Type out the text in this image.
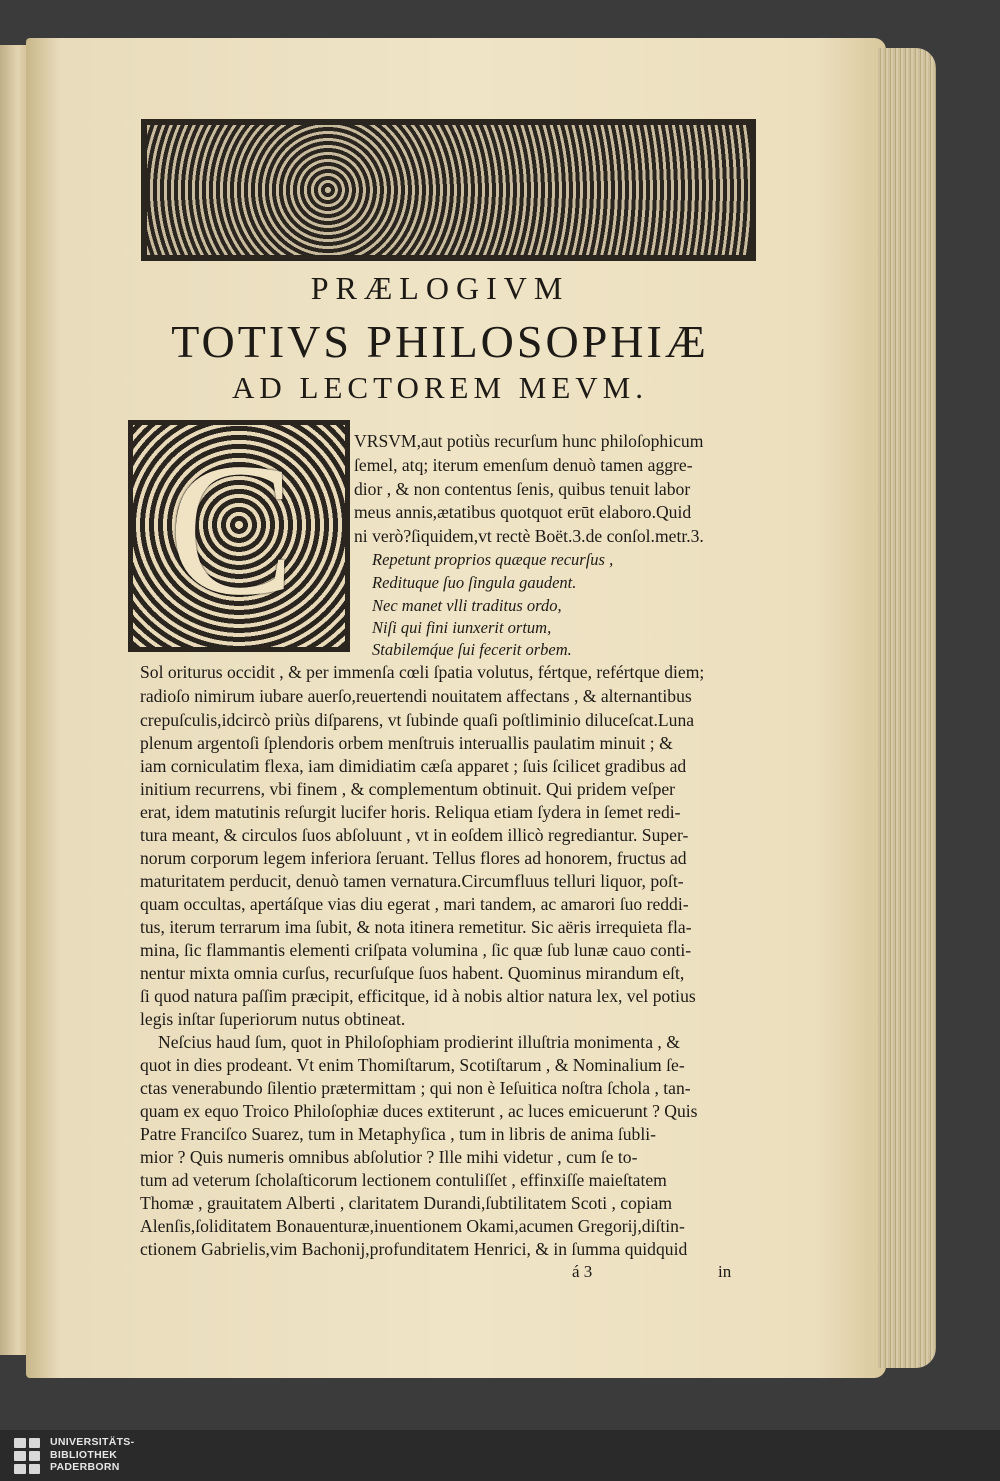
PRÆLOGIVM

TOTIVS PHILOSOPHIÆ

AD LECTOREM MEVM.

C	VRSVM,aut potiùs recurſum hunc philoſophicum

ſemel, atq; iterum emenſum denuò tamen aggre-

dior , & non contentus ſenis, quibus tenuit labor

meus annis,ætatibus quotquot erūt elaboro.Quid

ni verò?ſiquidem,vt rectè Boët.3.de conſol.metr.3.

Repetunt proprios quæque recurſus ,

Redituque ſuo ſingula gaudent.

Nec manet vlli traditus ordo,

Niſi qui fini iunxerit ortum,

Stabilemq́ue ſui fecerit orbem.

Sol oriturus occidit , & per immenſa cœli ſpatia volutus, fértque, refértque diem;

radioſo nimirum iubare auerſo,reuertendi nouitatem affectans , & alternantibus

crepuſculis,idcircò priùs diſparens, vt ſubinde quaſi poſtliminio diluceſcat.Luna

plenum argentoſi ſplendoris orbem menſtruis interuallis paulatim minuit ; &

iam corniculatim flexa, iam dimidiatim cæſa apparet ; ſuis ſcilicet gradibus ad

initium recurrens, vbi finem , & complementum obtinuit. Qui pridem veſper

erat, idem matutinis reſurgit lucifer horis. Reliqua etiam ſydera in ſemet redi-

tura meant, & circulos ſuos abſoluunt , vt in eoſdem illicò regrediantur. Super-

norum corporum legem inferiora ſeruant. Tellus flores ad honorem, fructus ad

maturitatem perducit, denuò tamen vernatura.Circumfluus telluri liquor, poſt-

quam occultas, apertáſque vias diu egerat , mari tandem, ac amarori ſuo reddi-

tus, iterum terrarum ima ſubit, & nota itinera remetitur. Sic aëris irrequieta fla-

mina, ſic flammantis elementi criſpata volumina , ſic quæ ſub lunæ cauo conti-

nentur mixta omnia curſus, recurſuſque ſuos habent. Quominus mirandum eſt,

ſi quod natura paſſim præcipit, efficitque, id à nobis altior natura lex, vel potius

legis inſtar ſuperiorum nutus obtineat.

Neſcius haud ſum, quot in Philoſophiam prodierint illuſtria monimenta , &

quot in dies prodeant. Vt enim Thomiſtarum, Scotiſtarum , & Nominalium ſe-

ctas venerabundo ſilentio prætermittam ; qui non è Ieſuitica noſtra ſchola , tan-

quam ex equo Troico Philoſophiæ duces extiterunt , ac luces emicuerunt ? Quis

Patre Franciſco Suarez, tum in Metaphyſica , tum in libris de anima ſubli-

mior ? Quis numeris omnibus abſolutior ? Ille mihi videtur , cum ſe to-

tum ad veterum ſcholaſticorum lectionem contuliſſet , effinxiſſe maieſtatem

Thomæ , grauitatem Alberti , claritatem Durandi,ſubtilitatem Scoti , copiam

Alenſis,ſoliditatem Bonauenturæ,inuentionem Okami,acumen Gregorij,diſtin-

ctionem Gabrielis,vim Bachonij,profunditatem Henrici, & in ſumma quidquid

á 3	in

UNIVERSITÄTS-
BIBLIOTHEK
PADERBORN
